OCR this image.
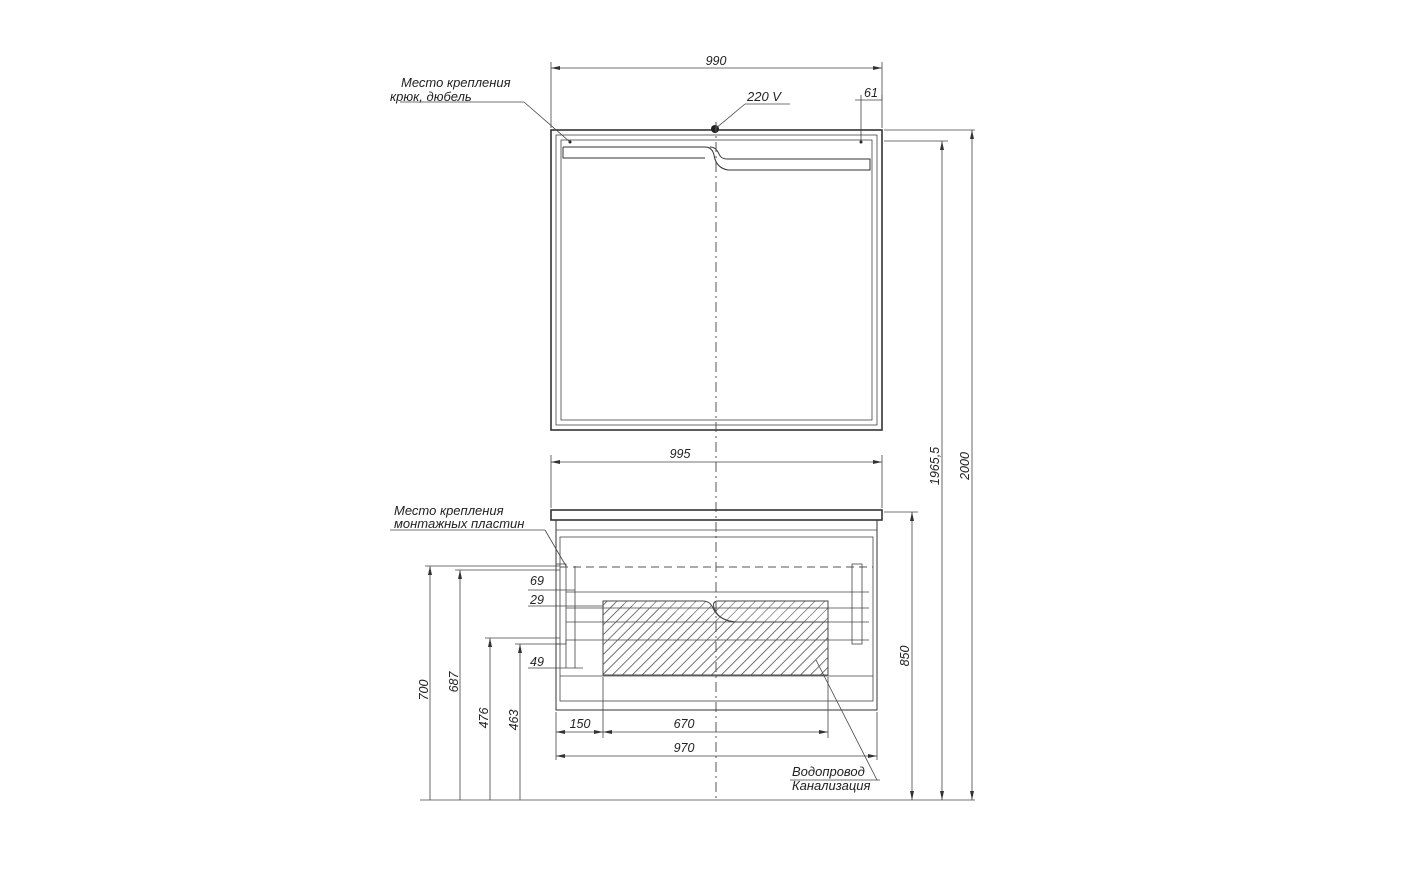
990
61
Место крепления
крюк, дюбель	220 V
995
Место крепления
монтажных пластин
69
29
49
700 687
476 463	150	670
970
Водопровод
Канализация
850
1965,5 2000
